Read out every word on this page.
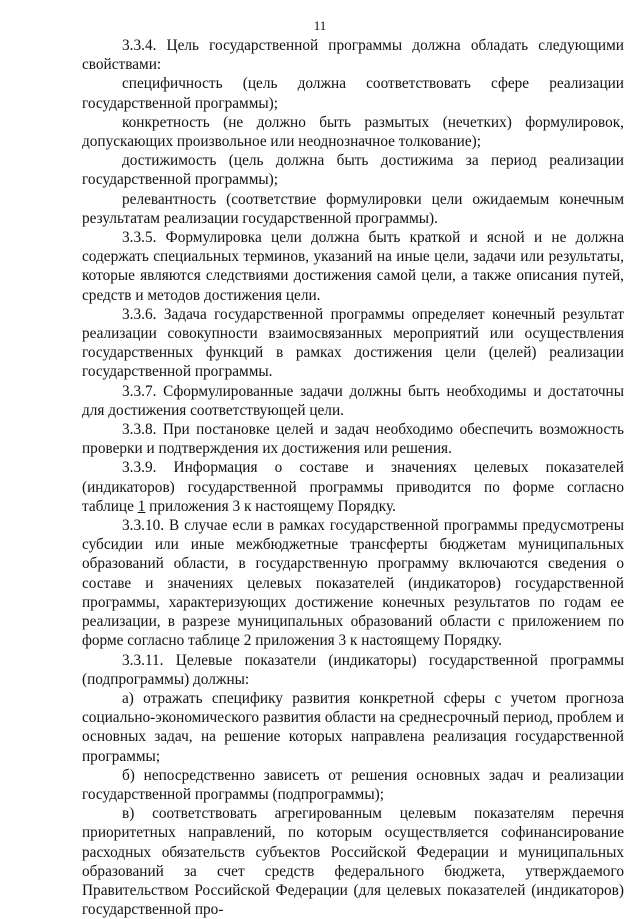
11

3.3.4. Цель государственной программы должна обладать следующими свойствами:

специфичность (цель должна соответствовать сфере реализации государственной программы);

конкретность (не должно быть размытых (нечетких) формулировок, допускающих произвольное или неоднозначное толкование);

достижимость (цель должна быть достижима за период реализации государственной программы);

релевантность (соответствие формулировки цели ожидаемым конечным результатам реализации государственной программы).

3.3.5. Формулировка цели должна быть краткой и ясной и не должна содержать специальных терминов, указаний на иные цели, задачи или результаты, которые являются следствиями достижения самой цели, а также описания путей, средств и методов достижения цели.

3.3.6. Задача государственной программы определяет конечный результат реализации совокупности взаимосвязанных мероприятий или осуществления государственных функций в рамках достижения цели (целей) реализации государственной программы.

3.3.7. Сформулированные задачи должны быть необходимы и достаточны для достижения соответствующей цели.

3.3.8. При постановке целей и задач необходимо обеспечить возможность проверки и подтверждения их достижения или решения.

3.3.9. Информация о составе и значениях целевых показателей (индикаторов) государственной программы приводится по форме согласно таблице 1 приложения 3 к настоящему Порядку.

3.3.10. В случае если в рамках государственной программы предусмотрены субсидии или иные межбюджетные трансферты бюджетам муниципальных образований области, в государственную программу включаются сведения о составе и значениях целевых показателей (индикаторов) государственной программы, характеризующих достижение конечных результатов по годам ее реализации, в разрезе муниципальных образований области с приложением по форме согласно таблице 2 приложения 3 к настоящему Порядку.

3.3.11. Целевые показатели (индикаторы) государственной программы (подпрограммы) должны:

а) отражать специфику развития конкретной сферы с учетом прогноза социально-экономического развития области на среднесрочный период, проблем и основных задач, на решение которых направлена реализация государственной программы;

б) непосредственно зависеть от решения основных задач и реализации государственной программы (подпрограммы);

в) соответствовать агрегированным целевым показателям перечня приоритетных направлений, по которым осуществляется софинансирование расходных обязательств субъектов Российской Федерации и муниципальных образований за счет средств федерального бюджета, утверждаемого Правительством Российской Федерации (для целевых показателей (индикаторов) государственной про-
